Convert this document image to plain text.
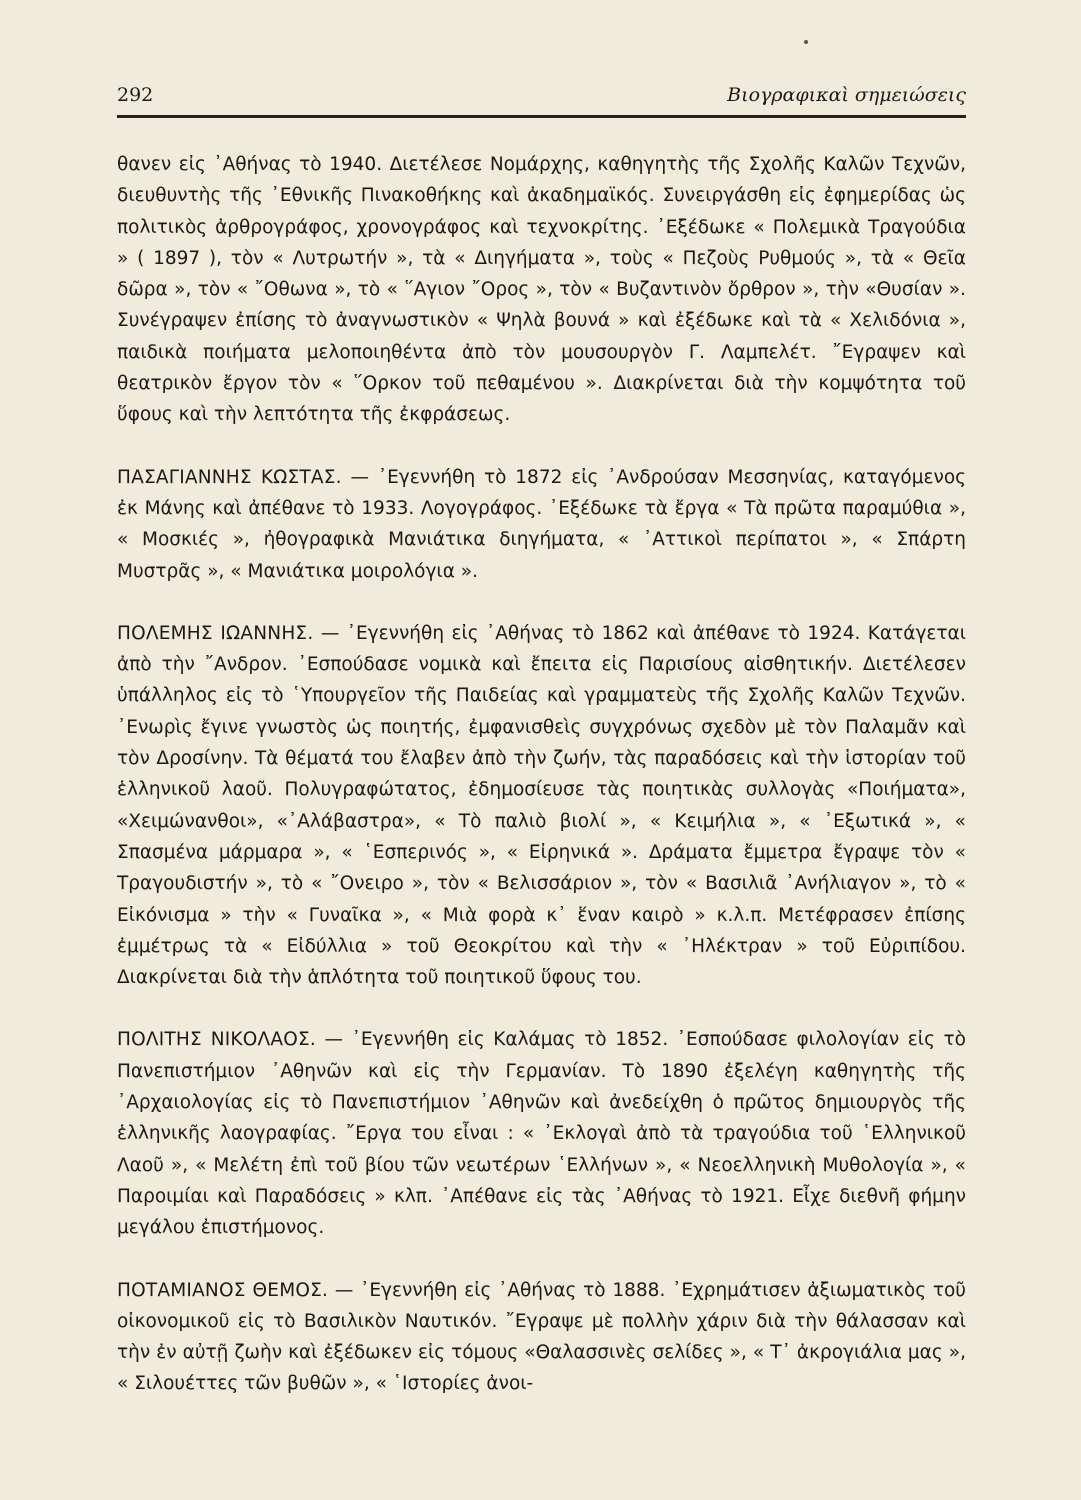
292	Βιογραφικαὶ σημειώσεις

θανεν εἰς ᾿Αθήνας τὸ 1940. Διετέλεσε Νομάρχης, καθηγητὴς τῆς Σχολῆς Καλῶν Τεχνῶν, διευθυντὴς τῆς ᾿Εθνικῆς Πινακοθήκης καὶ ἀκαδημαϊκός. Συνειργάσθη εἰς ἐφημερίδας ὡς πολιτικὸς ἀρθρογράφος, χρονογράφος καὶ τεχνοκρίτης. ᾿Εξέδωκε « Πολεμικὰ Τραγούδια » ( 1897 ), τὸν « Λυτρωτήν », τὰ « Διηγήματα », τοὺς « Πεζοὺς Ρυθμούς », τὰ « Θεῖα δῶρα », τὸν « ῎Οθωνα », τὸ « ῞Αγιον ῎Ορος », τὸν « Βυζαντινὸν ὄρθρον », τὴν «Θυσίαν ». Συνέγραψεν ἐπίσης τὸ ἀναγνωστικὸν « Ψηλὰ βουνά » καὶ ἐξέδωκε καὶ τὰ « Χελιδόνια », παιδικὰ ποιήματα μελοποιηθέντα ἀπὸ τὸν μουσουργὸν Γ. Λαμπελέτ. ῎Εγραψεν καὶ θεατρικὸν ἔργον τὸν « ῞Ορκον τοῦ πεθαμένου ». Διακρίνεται διὰ τὴν κομψότητα τοῦ ὕφους καὶ τὴν λεπτότητα τῆς ἐκφράσεως.

ΠΑΣΑΓΙΑΝΝΗΣ ΚΩΣΤΑΣ. — ᾿Εγεννήθη τὸ 1872 εἰς ᾿Ανδρούσαν Μεσσηνίας, καταγόμενος ἐκ Μάνης καὶ ἀπέθανε τὸ 1933. Λογογράφος. ᾿Εξέδωκε τὰ ἔργα « Τὰ πρῶτα παραμύθια », « Μοσκιές », ἠθογραφικὰ Μανιάτικα διηγήματα, « ᾿Αττικοὶ περίπατοι », « Σπάρτη Μυστρᾶς », « Μανιάτικα μοιρολόγια ».

ΠΟΛΕΜΗΣ ΙΩΑΝΝΗΣ. — ᾿Εγεννήθη εἰς ᾿Αθήνας τὸ 1862 καὶ ἀπέθανε τὸ 1924. Κατάγεται ἀπὸ τὴν ῎Ανδρον. ᾿Εσπούδασε νομικὰ καὶ ἔπειτα εἰς Παρισίους αἰσθητικήν. Διετέλεσεν ὑπάλληλος εἰς τὸ ῾Υπουργεῖον τῆς Παιδείας καὶ γραμματεὺς τῆς Σχολῆς Καλῶν Τεχνῶν. ᾿Ενωρὶς ἔγινε γνωστὸς ὡς ποιητής, ἐμφανισθεὶς συγχρόνως σχεδὸν μὲ τὸν Παλαμᾶν καὶ τὸν Δροσίνην. Τὰ θέματά του ἔλαβεν ἀπὸ τὴν ζωήν, τὰς παραδόσεις καὶ τὴν ἱστορίαν τοῦ ἑλληνικοῦ λαοῦ. Πολυγραφώτατος, ἐδημοσίευσε τὰς ποιητικὰς συλλογὰς «Ποιήματα», «Χειμώνανθοι», «᾿Αλάβαστρα», « Τὸ παλιὸ βιολί », « Κειμήλια », « ᾿Εξωτικά », « Σπασμένα μάρμαρα », « ῾Εσπερινός », « Εἰρηνικά ». Δράματα ἔμμετρα ἔγραψε τὸν « Τραγουδιστήν », τὸ « ῎Ονειρο », τὸν « Βελισσάριον », τὸν « Βασιλιᾶ ᾿Ανήλιαγον », τὸ « Εἰκόνισμα » τὴν « Γυναῖκα », « Μιὰ φορὰ κ᾿ ἕναν καιρὸ » κ.λ.π. Μετέφρασεν ἐπίσης ἐμμέτρως τὰ « Εἰδύλλια » τοῦ Θεοκρίτου καὶ τὴν « ᾿Ηλέκτραν » τοῦ Εὐριπίδου. Διακρίνεται διὰ τὴν ἁπλότητα τοῦ ποιητικοῦ ὕφους του.

ΠΟΛΙΤΗΣ ΝΙΚΟΛΑΟΣ. — ᾿Εγεννήθη εἰς Καλάμας τὸ 1852. ᾿Εσπούδασε φιλολογίαν εἰς τὸ Πανεπιστήμιον ᾿Αθηνῶν καὶ εἰς τὴν Γερμανίαν. Τὸ 1890 ἐξελέγη καθηγητὴς τῆς ᾿Αρχαιολογίας εἰς τὸ Πανεπιστήμιον ᾿Αθηνῶν καὶ ἀνεδείχθη ὁ πρῶτος δημιουργὸς τῆς ἑλληνικῆς λαογραφίας. ῎Εργα του εἶναι : « ᾿Εκλογαὶ ἀπὸ τὰ τραγούδια τοῦ ῾Ελληνικοῦ Λαοῦ », « Μελέτη ἐπὶ τοῦ βίου τῶν νεωτέρων ῾Ελλήνων », « Νεοελληνικὴ Μυθολογία », « Παροιμίαι καὶ Παραδόσεις » κλπ. ᾿Απέθανε εἰς τὰς ᾿Αθήνας τὸ 1921. Εἶχε διεθνῆ φήμην μεγάλου ἐπιστήμονος.

ΠΟΤΑΜΙΑΝΟΣ ΘΕΜΟΣ. — ᾿Εγεννήθη εἰς ᾿Αθήνας τὸ 1888. ᾿Εχρημάτισεν ἀξιωματικὸς τοῦ οἰκονομικοῦ εἰς τὸ Βασιλικὸν Ναυτικόν. ῎Εγραψε μὲ πολλὴν χάριν διὰ τὴν θάλασσαν καὶ τὴν ἐν αὐτῇ ζωὴν καὶ ἐξέδωκεν εἰς τόμους «Θαλασσινὲς σελίδες », « Τ᾿ ἀκρογιάλια μας », « Σιλουέττες τῶν βυθῶν », « ῾Ιστορίες ἀνοι-
